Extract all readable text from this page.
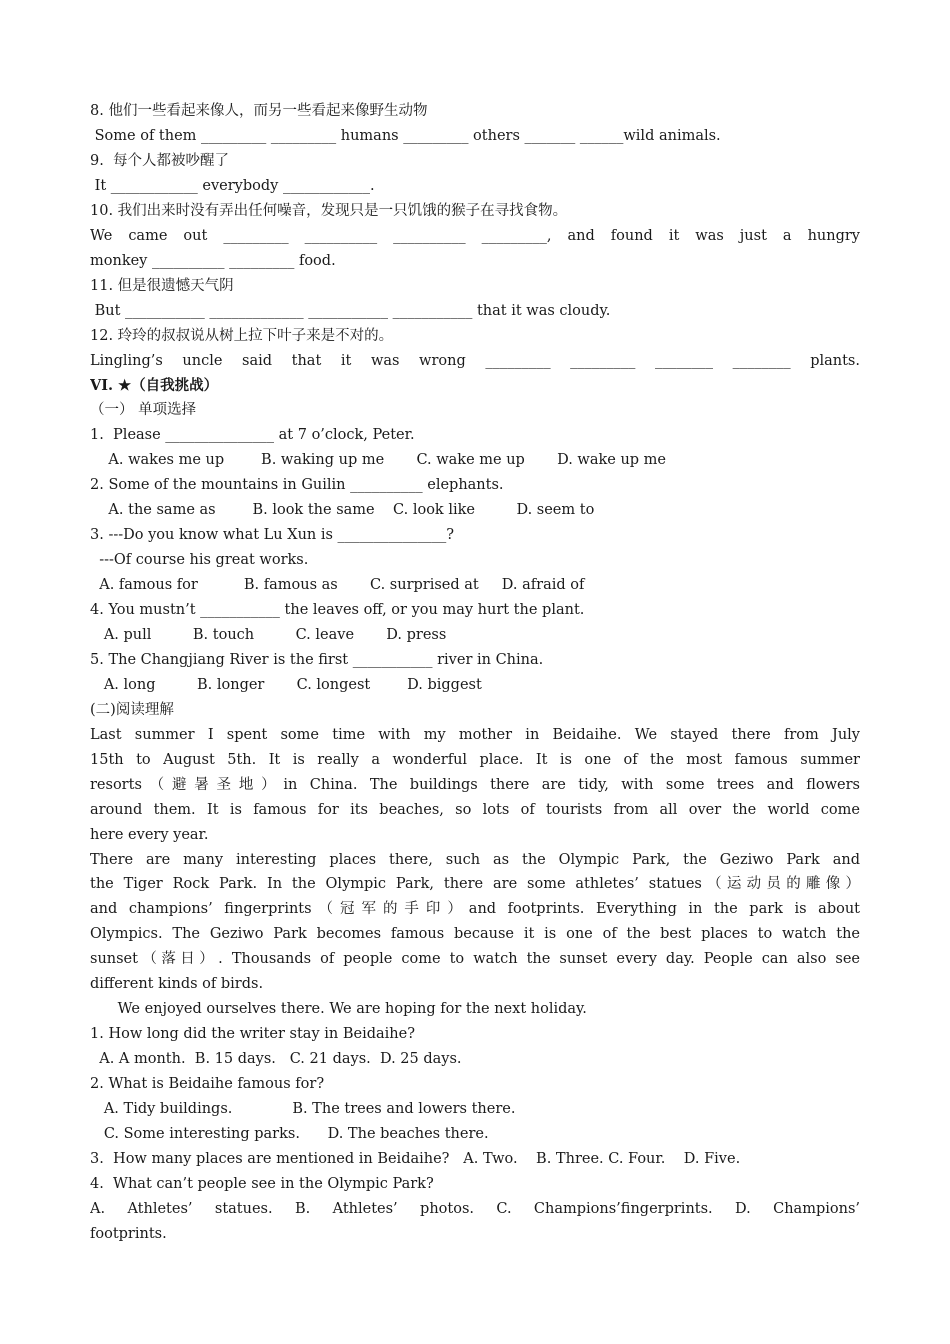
8. 他们一些看起来像人，而另一些看起来像野生动物
Some of them _________ _________ humans _________ others _______ ______wild animals.
9.  每个人都被吵醒了
It ____________ everybody ____________.
10. 我们出来时没有弄出任何噪音，发现只是一只饥饿的猴子在寻找食物。
We came out _________ __________ __________ _________, and found it was just a hungry
monkey __________ _________ food.
11. 但是很遗憾天气阴
But ___________ _____________ ___________ ___________ that it was cloudy.
12. 玲玲的叔叔说从树上拉下叶子来是不对的。
Lingling’s uncle said that it was wrong _________ _________ ________ ________ plants.
VI. ★（自我挑战）
（一） 单项选择
1.  Please _______________ at 7 o’clock, Peter.
A. wakes me up        B. waking up me       C. wake me up       D. wake up me
2. Some of the mountains in Guilin __________ elephants.
A. the same as        B. look the same    C. look like         D. seem to
3. ---Do you know what Lu Xun is _______________?
---Of course his great works.
A. famous for          B. famous as       C. surprised at     D. afraid of
4. You mustn’t ___________ the leaves off, or you may hurt the plant.
A. pull         B. touch         C. leave       D. press
5. The Changjiang River is the first ___________ river in China.
A. long         B. longer       C. longest        D. biggest
(二)阅读理解
Last summer I spent some time with my mother in Beidaihe. We stayed there from July
15th to August 5th. It is really a wonderful place. It is one of the most famous summer
resorts（避暑圣地）in China. The buildings there are tidy, with some trees and flowers
around them. It is famous for its beaches, so lots of tourists from all over the world come
here every year.
There are many interesting places there, such as the Olympic Park, the Geziwo Park and
the Tiger Rock Park. In the Olympic Park, there are some athletes’ statues（运动员的雕像）
and champions’ fingerprints（冠军的手印）and footprints. Everything in the park is about
Olympics. The Geziwo Park becomes famous because it is one of the best places to watch the
sunset（落日）. Thousands of people come to watch the sunset every day. People can also see
different kinds of birds.
We enjoyed ourselves there. We are hoping for the next holiday.
1. How long did the writer stay in Beidaihe?
A. A month.  B. 15 days.   C. 21 days.  D. 25 days.
2. What is Beidaihe famous for?
A. Tidy buildings.             B. The trees and lowers there.
C. Some interesting parks.      D. The beaches there.
3.  How many places are mentioned in Beidaihe?   A. Two.    B. Three. C. Four.    D. Five.
4.  What can’t people see in the Olympic Park?
A. Athletes’ statues. B. Athletes’ photos. C. Champions’fingerprints. D. Champions’
footprints.
